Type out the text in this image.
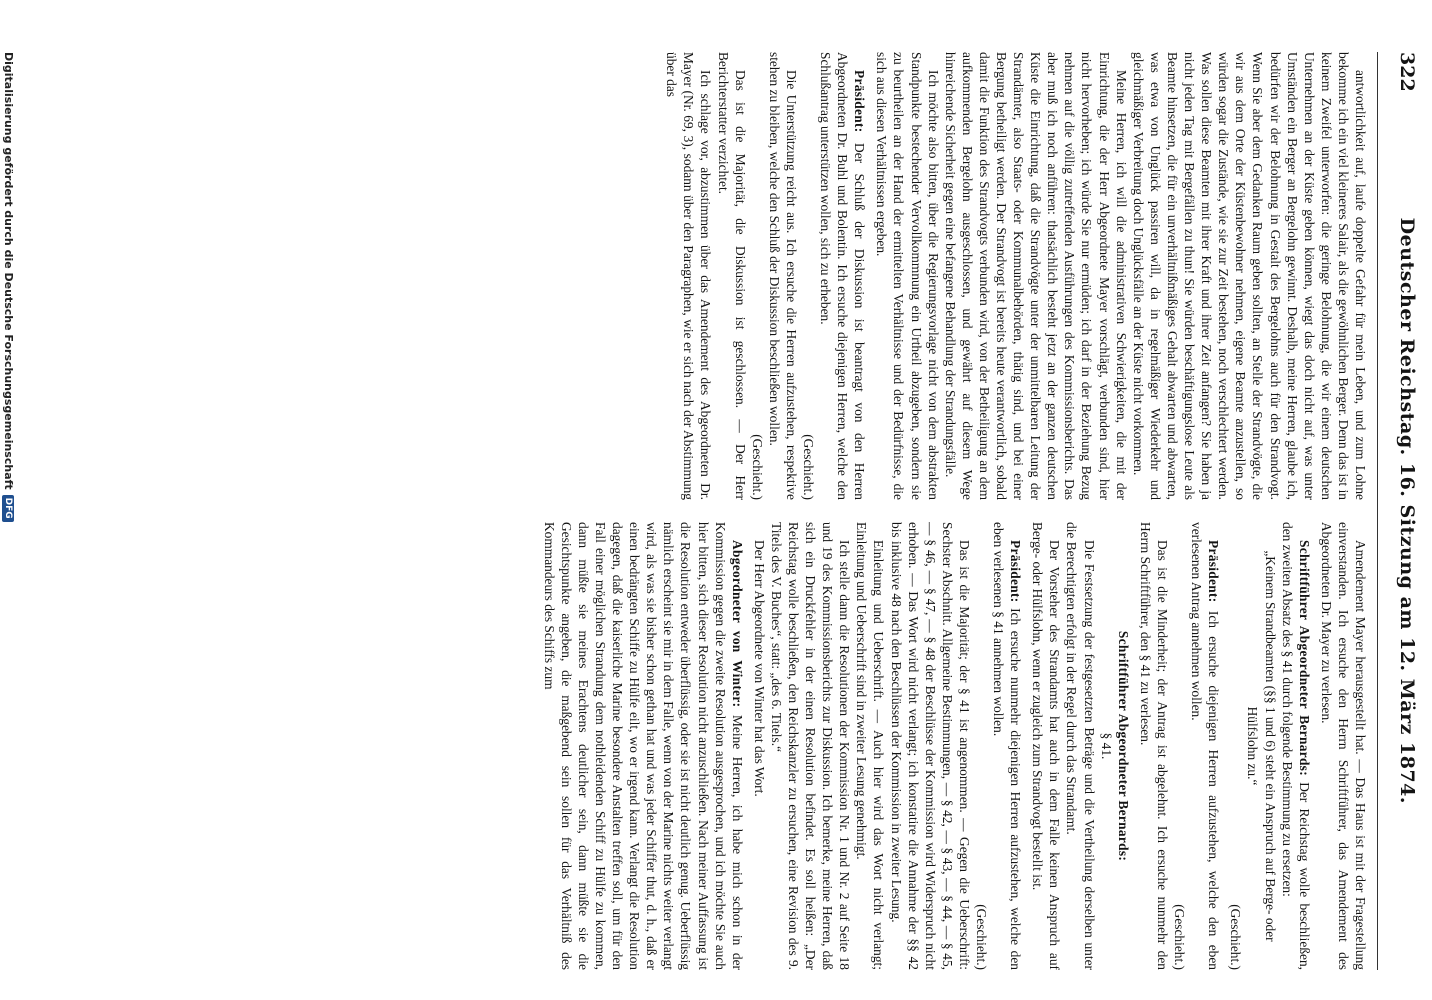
322
Deutscher Reichstag. 16. Sitzung am 12. März 1874.

antwortlichkeit auf, laufe doppelte Gefahr für mein Leben, und zum Lohne bekomme ich ein viel kleineres Salair, als die gewöhnlichen Berger. Denn das ist in keinem Zweifel unterworfen: die geringe Belohnung, die wir einem deutschen Unternehmen an der Küste geben können, wiegt das doch nicht auf, was unter Umständen ein Berger an Bergelohn gewinnt. Deshalb, meine Herren, glaube ich, bedürfen wir der Belohnung in Gestalt des Bergelohns auch für den Strandvogt. Wenn Sie aber dem Gedanken Raum geben sollten, an Stelle der Strandvögte, die wir aus dem Orte der Küstenbewohner nehmen, eigene Beamte anzustellen, so würden sogar die Zustände, wie sie zur Zeit bestehen, noch verschlechtert werden. Was sollen diese Beamten mit ihrer Kraft und ihrer Zeit anfangen? Sie haben ja nicht jeden Tag mit Bergefällen zu thun! Sie würden beschäftigungslose Leute als Beamte hinsetzen, die für ein unverhältnißmäßiges Gehalt abwarten und abwarten, was etwa von Unglück passiren will, da in regelmäßiger Wiederkehr und gleichmäßiger Verbreitung doch Unglücksfälle an der Küste nicht vorkommen.

Meine Herren, ich will die administrativen Schwierigkeiten, die mit der Einrichtung, die der Herr Abgeordnete Mayer vorschlägt, verbunden sind, hier nicht hervorheben; ich würde Sie nur ermüden; ich darf in der Beziehung Bezug nehmen auf die völlig zutreffenden Ausführungen des Kommissionsberichts. Das aber muß ich noch anführen: thatsächlich besteht jetzt an der ganzen deutschen Küste die Einrichtung, daß die Strandvögte unter der unmittelbaren Leitung der Strandämter, also Staats- oder Kommunalbehörden, thätig sind, und bei einer Bergung betheiligt werden. Der Strandvogt ist bereits heute verantwortlich, sobald damit die Funktion des Strandvogts verbunden wird, von der Betheiligung an dem aufkommenden Bergelohn ausgeschlossen, und gewährt auf diesem Wege hinreichende Sicherheit gegen eine befangene Behandlung der Strandungsfälle.

Ich möchte also bitten, über die Regierungsvorlage nicht von dem abstrakten Standpunkte bestechender Vervollkommnung ein Urtheil abzugeben, sondern sie zu beurtheilen an der Hand der ermittelten Verhältnisse und der Bedürfnisse, die sich aus diesen Verhältnissen ergeben.

Präsident: Der Schluß der Diskussion ist beantragt von den Herren Abgeordneten Dr. Buhl und Bolentin. Ich ersuche diejenigen Herren, welche den Schlußantrag unterstützen wollen, sich zu erheben.

(Geschieht.)

Die Unterstützung reicht aus. Ich ersuche die Herren aufzustehen, respektive stehen zu bleiben, welche den Schluß der Diskussion beschließen wollen.

(Geschieht.)

Das ist die Majorität, die Diskussion ist geschlossen. — Der Herr Berichterstatter verzichtet.

Ich schlage vor, abzustimmen über das Amendement des Abgeordneten Dr. Mayer (Nr. 69, 3), sodann über den Paragraphen, wie er sich nach der Abstimmung über das

Amendement Mayer herausgestellt hat. — Das Haus ist mit der Fragestellung einverstanden. Ich ersuche den Herrn Schriftführer, das Amendement des Abgeordneten Dr. Mayer zu verlesen.

Schriftführer Abgeordneter Bernards: Der Reichstag wolle beschließen, den zweiten Absatz des § 41 durch folgende Bestimmung zu ersetzen:

„Keinem Strandbeamten (§§ 1 und 6) steht ein Anspruch auf Berge- oder Hülfslohn zu.“

(Geschieht.)

Präsident: Ich ersuche diejenigen Herren aufzustehen, welche den eben verlesenen Antrag annehmen wollen.

(Geschieht.)

Das ist die Minderheit; der Antrag ist abgelehnt. Ich ersuche nunmehr den Herrn Schriftführer, den § 41 zu verlesen.

Schriftführer Abgeordneter Bernards:

§ 41.

Die Festsetzung der festgesetzten Beträge und die Vertheilung derselben unter die Berechtigten erfolgt in der Regel durch das Strandamt.

Der Vorsteher des Strandamts hat auch in dem Falle keinen Anspruch auf Berge- oder Hülfslohn, wenn er zugleich zum Strandvogt bestellt ist.

Präsident: Ich ersuche nunmehr diejenigen Herren aufzustehen, welche den eben verlesenen § 41 annehmen wollen.

(Geschieht.)

Das ist die Majorität; der § 41 ist angenommen. — Gegen die Ueberschrift: Sechster Abschnitt. Allgemeine Bestimmungen, — § 42, — § 43, — § 44, — § 45, — § 46, — § 47, — § 48 der Beschlüsse der Kommission wird Widerspruch nicht erhoben. — Das Wort wird nicht verlangt; ich konstatire die Annahme der §§ 42 bis inklusive 48 nach den Beschlüssen der Kommission in zweiter Lesung.

Einleitung und Ueberschrift. — Auch hier wird das Wort nicht verlangt; Einleitung und Ueberschrift sind in zweiter Lesung genehmigt.

Ich stelle dann die Resolutionen der Kommission Nr. 1 und Nr. 2 auf Seite 18 und 19 des Kommissionsberichts zur Diskussion. Ich bemerke, meine Herren, daß sich ein Druckfehler in der einen Resolution befindet. Es soll heißen: „Der Reichstag wolle beschließen, den Reichskanzler zu ersuchen, eine Revision des 9. Titels des V. Buches“, statt: „des 6. Titels.“

Der Herr Abgeordnete von Winter hat das Wort.

Abgeordneter von Winter: Meine Herren, ich habe mich schon in der Kommission gegen die zweite Resolution ausgesprochen, und ich möchte Sie auch hier bitten, sich dieser Resolution nicht anzuschließen. Nach meiner Auffassung ist die Resolution entweder überflüssig, oder sie ist nicht deutlich genug. Ueberflüssig nämlich erscheint sie mir in dem Falle, wenn von der Marine nichts weiter verlangt wird, als was sie bisher schon gethan hat und was jeder Schiffer thut, d. h., daß er einen bedrängten Schiffe zu Hülfe eilt, wo er irgend kann. Verlangt die Resolution dagegen, daß die kaiserliche Marine besondere Anstalten treffen soll, um für den Fall einer möglichen Strandung dem nothleidenden Schiff zu Hülfe zu kommen, dann müßte sie meines Erachtens deutlicher sein, dann müßte sie die Gesichtspunkte angeben, die maßgebend sein sollen für das Verhältniß des Kommandeurs des Schiffs zum

Digitalisierung gefördert durch die Deutsche Forschungsgemeinschaft
DFG
